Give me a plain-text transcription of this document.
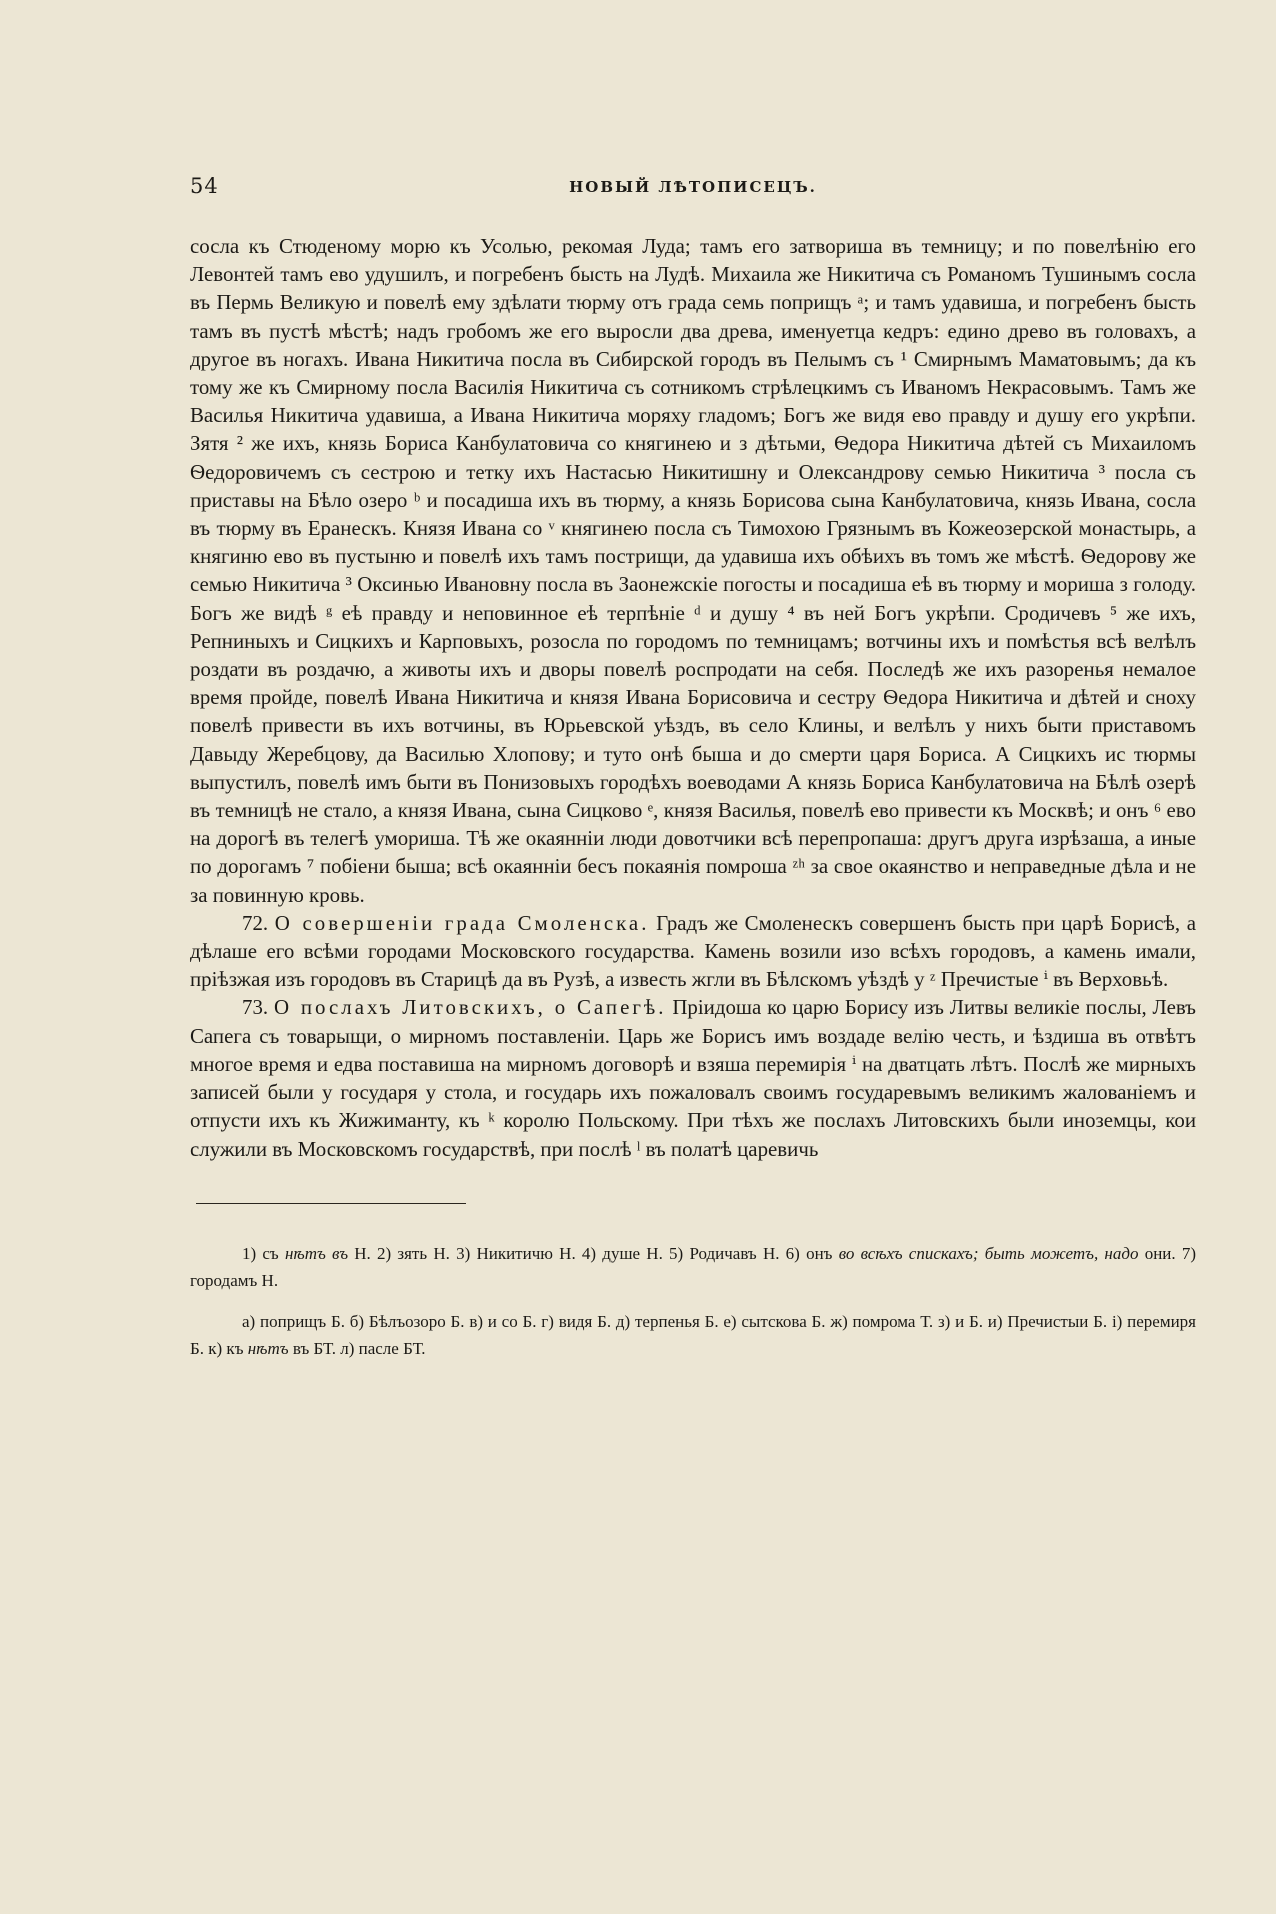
54	НОВЫЙ ЛѢТОПИСЕЦЪ.

сосла къ Стюденому морю къ Усолью, рекомая Луда; тамъ его затвориша въ темницу; и по повелѣнію его Левонтей тамъ ево удушилъ, и погребенъ бысть на Лудѣ. Михаила же Никитича съ Романомъ Тушинымъ сосла въ Пермь Великую и повелѣ ему здѣлати тюрму отъ града семь поприщъ ᵃ; и тамъ удавиша, и погребенъ бысть тамъ въ пустѣ мѣстѣ; надъ гробомъ же его выросли два древа, именуетца кедръ: едино древо въ головахъ, а другое въ ногахъ. Ивана Никитича посла въ Сибирской городъ въ Пелымъ съ ¹ Смирнымъ Маматовымъ; да къ тому же къ Смирному посла Василія Никитича съ сотникомъ стрѣлецкимъ съ Иваномъ Некрасовымъ. Тамъ же Василья Никитича удавиша, а Ивана Никитича моряху гладомъ; Богъ же видя ево правду и душу его укрѣпи. Зятя ² же ихъ, князь Бориса Канбулатовича со княгинею и з дѣтьми, Ѳедора Никитича дѣтей съ Михаиломъ Ѳедоровичемъ съ сестрою и тетку ихъ Настасью Никитишну и Олександрову семью Никитича ³ посла съ приставы на Бѣло озеро ᵇ и посадиша ихъ въ тюрму, а князь Борисова сына Канбулатовича, князь Ивана, сосла въ тюрму въ Еранескъ. Князя Ивана со ᵛ княгинею посла съ Тимохою Грязнымъ въ Кожеозерской монастырь, а княгиню ево въ пустыню и повелѣ ихъ тамъ пострищи, да удавиша ихъ обѣихъ въ томъ же мѣстѣ. Ѳедорову же семью Никитича ³ Оксинью Ивановну посла въ Заонежскіе погосты и посадиша еѣ въ тюрму и мориша з голоду. Богъ же видѣ ᵍ еѣ правду и неповинное еѣ терпѣніе ᵈ и душу ⁴ въ ней Богъ укрѣпи. Сродичевъ ⁵ же ихъ, Репниныхъ и Сицкихъ и Карповыхъ, розосла по городомъ по темницамъ; вотчины ихъ и помѣстья всѣ велѣлъ роздати въ роздачю, а животы ихъ и дворы повелѣ роспродати на себя. Последѣ же ихъ разоренья немалое время пройде, повелѣ Ивана Никитича и князя Ивана Борисовича и сестру Ѳедора Никитича и дѣтей и сноху повелѣ привести въ ихъ вотчины, въ Юрьевской уѣздъ, въ село Клины, и велѣлъ у нихъ быти приставомъ Давыду Жеребцову, да Василью Хлопову; и туто онѣ быша и до смерти царя Бориса. А Сицкихъ ис тюрмы выпустилъ, повелѣ имъ быти въ Понизовыхъ городѣхъ воеводами А князь Бориса Канбулатовича на Бѣлѣ озерѣ въ темницѣ не стало, а князя Ивана, сына Сицково ᵉ, князя Василья, повелѣ ево привести къ Москвѣ; и онъ ⁶ ево на дорогѣ въ телегѣ умориша. Тѣ же окаянніи люди довотчики всѣ перепропаша: другъ друга изрѣзаша, а иные по дорогамъ ⁷ побіени быша; всѣ окаянніи бесъ покаянія помроша ᶻʰ за свое окаянство и неправедные дѣла и не за повинную кровь.

72. О совершеніи града Смоленска. Градъ же Смоленескъ совершенъ бысть при царѣ Борисѣ, а дѣлаше его всѣми городами Московского государства. Камень возили изо всѣхъ городовъ, а камень имали, пріѣзжая изъ городовъ въ Старицѣ да въ Рузѣ, а известь жгли въ Бѣлскомъ уѣздѣ у ᶻ Пречистые ⁱ въ Верховьѣ.

73. О послахъ Литовскихъ, о Сапегѣ. Пріидоша ко царю Борису изъ Литвы великіе послы, Левъ Сапега съ товарыщи, о мирномъ поставленіи. Царь же Борисъ имъ воздаде велію честь, и ѣздиша въ отвѣтъ многое время и едва поставиша на мирномъ договорѣ и взяша перемирія ⁱ на дватцать лѣтъ. Послѣ же мирныхъ записей были у государя у стола, и государь ихъ пожаловалъ своимъ государевымъ великимъ жалованіемъ и отпусти ихъ къ Жижиманту, къ ᵏ королю Польскому. При тѣхъ же послахъ Литовскихъ были иноземцы, кои служили въ Московскомъ государствѣ, при послѣ ˡ въ полатѣ царевичь

1) съ нѣтъ въ Н. 2) зять Н. 3) Никитичю Н. 4) душе Н. 5) Родичавъ Н. 6) онъ во всѣхъ спискахъ; быть можетъ, надо они. 7) городамъ Н.

а) поприщъ Б. б) Бѣлъозоро Б. в) и со Б. г) видя Б. д) терпенья Б. е) сытскова Б. ж) помрома Т. з) и Б. и) Пречистыи Б. і) перемиря Б. к) къ нѣтъ въ БТ. л) пасле БТ.
